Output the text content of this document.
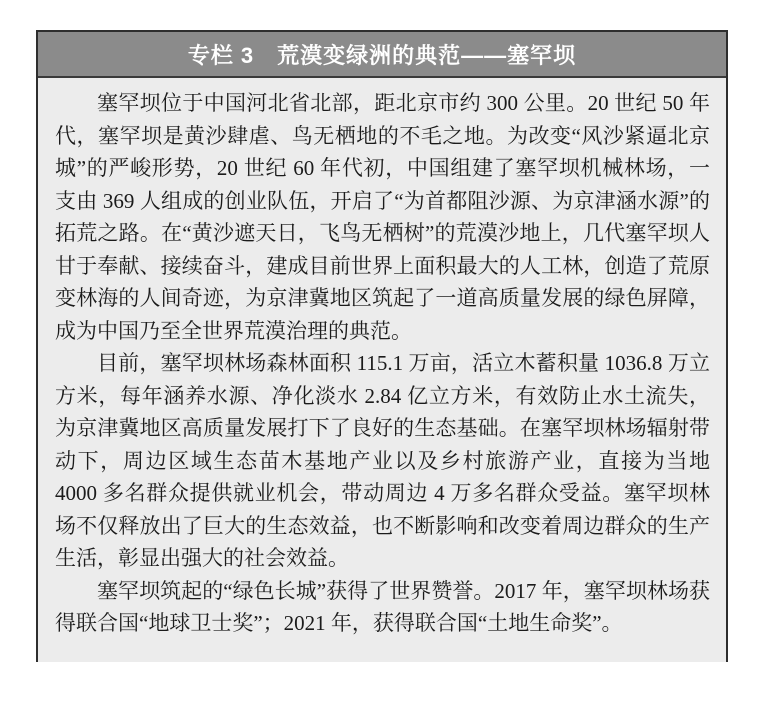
专栏 3　荒漠变绿洲的典范——塞罕坝

塞罕坝位于中国河北省北部，距北京市约 300 公里。20 世纪 50 年代，塞罕坝是黄沙肆虐、鸟无栖地的不毛之地。为改变“风沙紧逼北京城”的严峻形势，20 世纪 60 年代初，中国组建了塞罕坝机械林场，一支由 369 人组成的创业队伍，开启了“为首都阻沙源、为京津涵水源”的拓荒之路。在“黄沙遮天日，飞鸟无栖树”的荒漠沙地上，几代塞罕坝人甘于奉献、接续奋斗，建成目前世界上面积最大的人工林，创造了荒原变林海的人间奇迹，为京津冀地区筑起了一道高质量发展的绿色屏障，成为中国乃至全世界荒漠治理的典范。

目前，塞罕坝林场森林面积 115.1 万亩，活立木蓄积量 1036.8 万立方米，每年涵养水源、净化淡水 2.84 亿立方米，有效防止水土流失，为京津冀地区高质量发展打下了良好的生态基础。在塞罕坝林场辐射带动下，周边区域生态苗木基地产业以及乡村旅游产业，直接为当地 4000 多名群众提供就业机会，带动周边 4 万多名群众受益。塞罕坝林场不仅释放出了巨大的生态效益，也不断影响和改变着周边群众的生产生活，彰显出强大的社会效益。

塞罕坝筑起的“绿色长城”获得了世界赞誉。2017 年，塞罕坝林场获得联合国“地球卫士奖”；2021 年，获得联合国“土地生命奖”。
